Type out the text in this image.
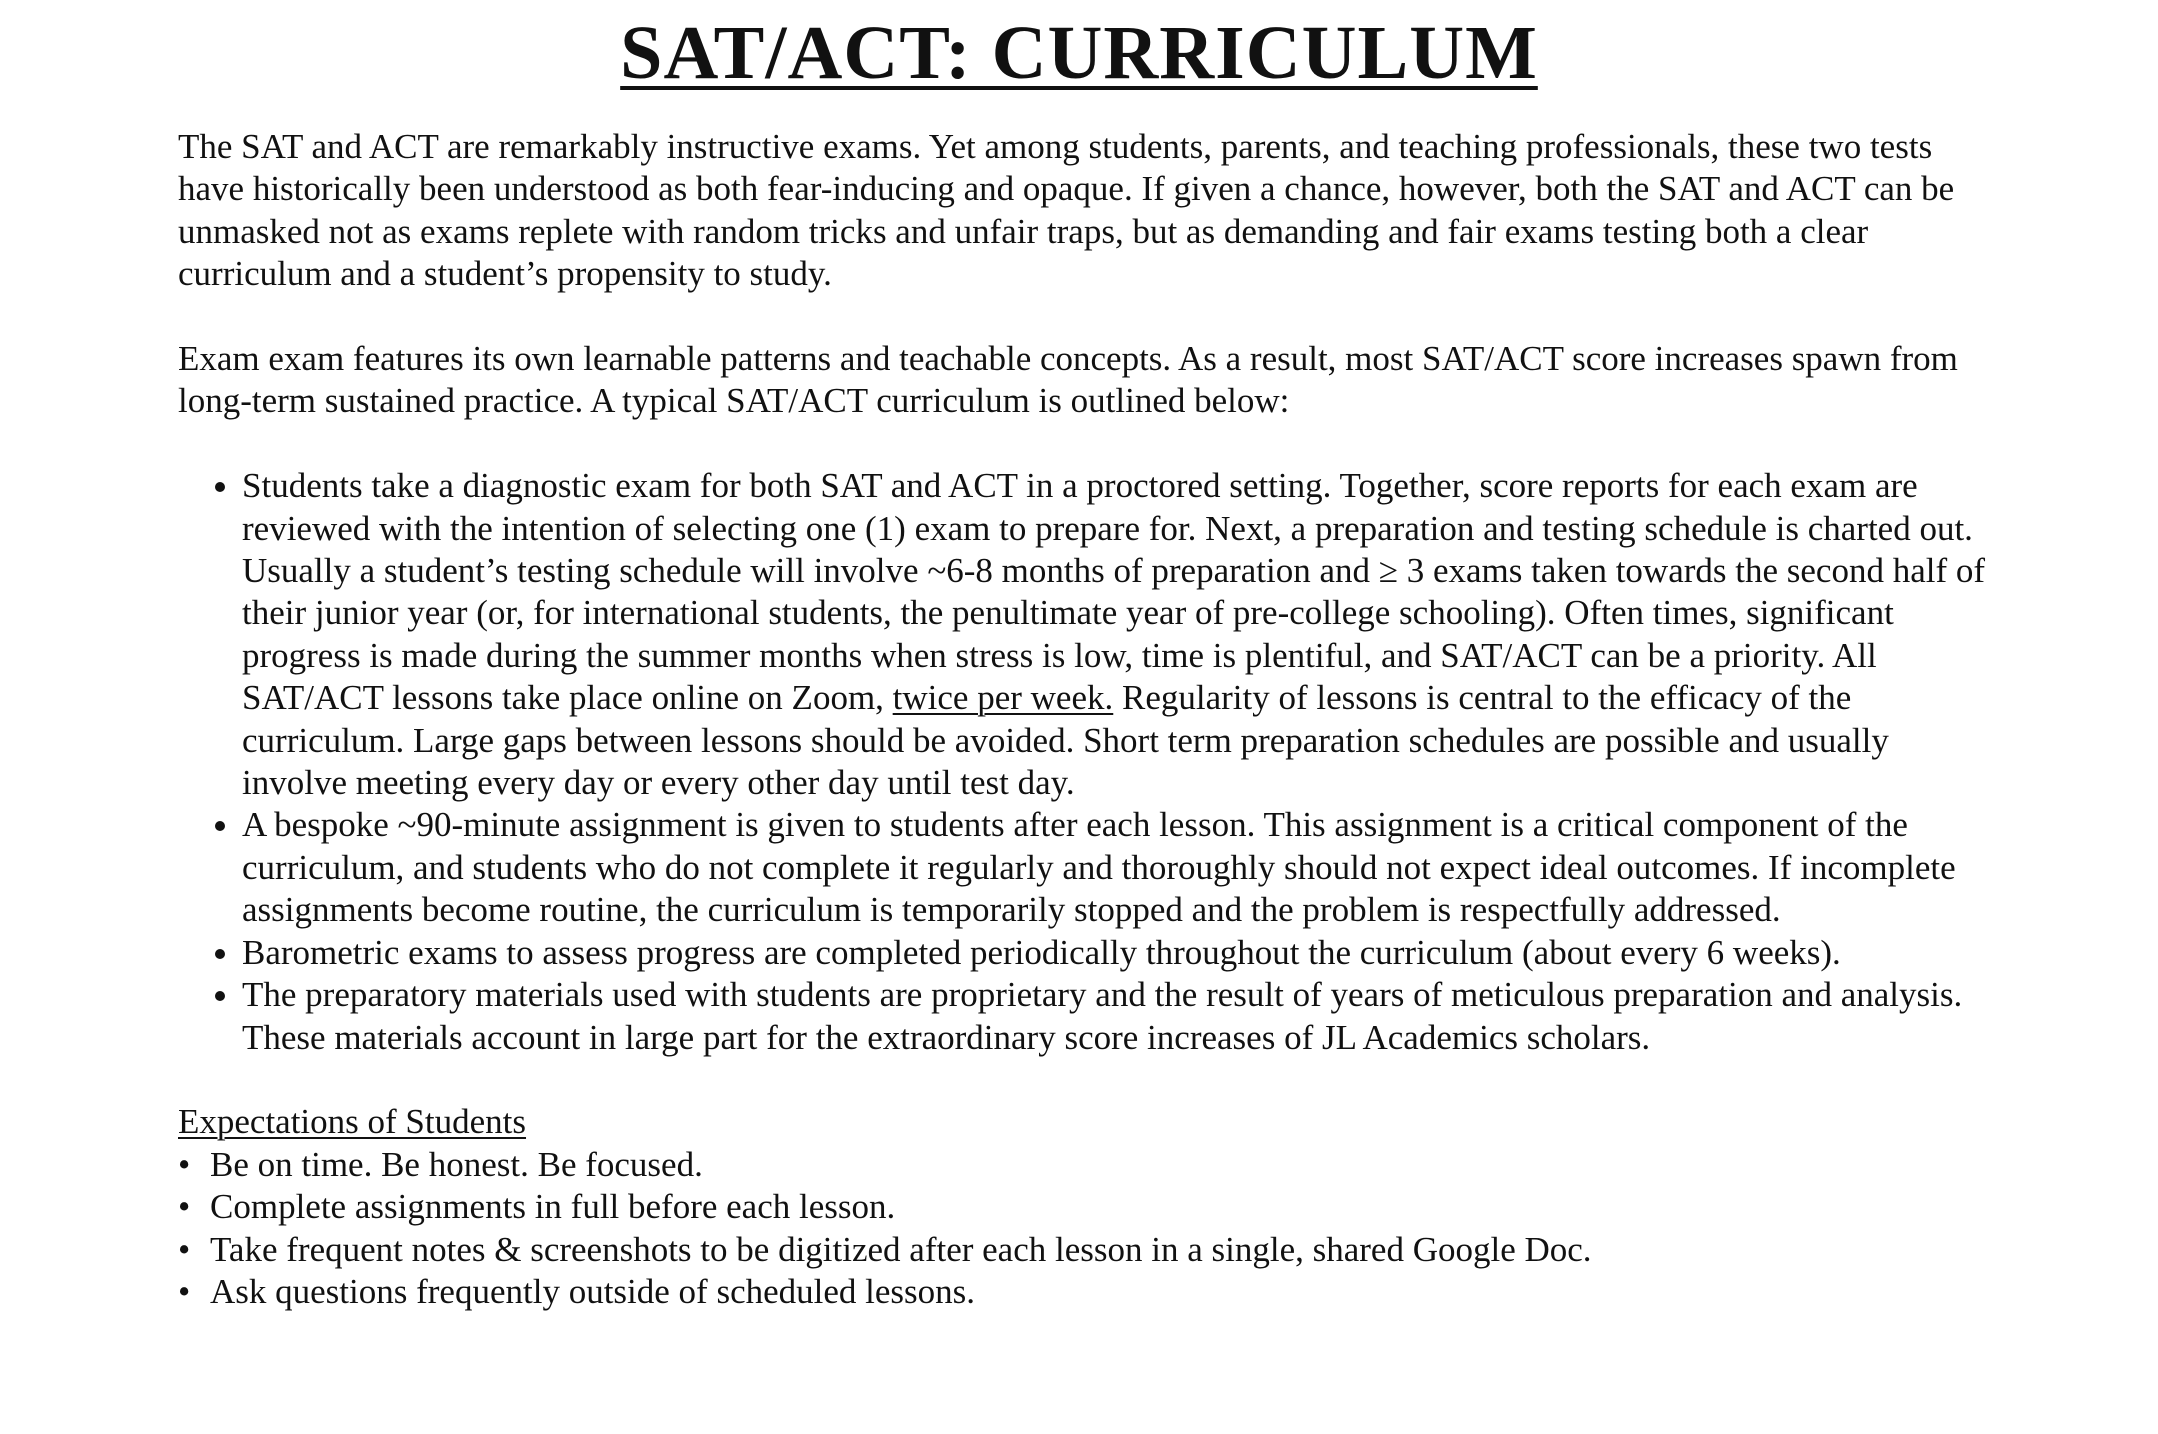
SAT/ACT: CURRICULUM

The SAT and ACT are remarkably instructive exams. Yet among students, parents, and teaching professionals, these two tests have historically been understood as both fear-inducing and opaque. If given a chance, however, both the SAT and ACT can be unmasked not as exams replete with random tricks and unfair traps, but as demanding and fair exams testing both a clear curriculum and a student’s propensity to study.

Exam exam features its own learnable patterns and teachable concepts. As a result, most SAT/ACT score increases spawn from long-term sustained practice. A typical SAT/ACT curriculum is outlined below:

• Students take a diagnostic exam for both SAT and ACT in a proctored setting. Together, score reports for each exam are reviewed with the intention of selecting one (1) exam to prepare for. Next, a preparation and testing schedule is charted out. Usually a student’s testing schedule will involve ~6-8 months of preparation and ≥ 3 exams taken towards the second half of their junior year (or, for international students, the penultimate year of pre-college schooling). Often times, significant progress is made during the summer months when stress is low, time is plentiful, and SAT/ACT can be a priority. All SAT/ACT lessons take place online on Zoom, twice per week. Regularity of lessons is central to the efficacy of the curriculum. Large gaps between lessons should be avoided. Short term preparation schedules are possible and usually involve meeting every day or every other day until test day.
• A bespoke ~90-minute assignment is given to students after each lesson. This assignment is a critical component of the curriculum, and students who do not complete it regularly and thoroughly should not expect ideal outcomes. If incomplete assignments become routine, the curriculum is temporarily stopped and the problem is respectfully addressed.
• Barometric exams to assess progress are completed periodically throughout the curriculum (about every 6 weeks).
• The preparatory materials used with students are proprietary and the result of years of meticulous preparation and analysis. These materials account in large part for the extraordinary score increases of JL Academics scholars.

Expectations of Students

• Be on time. Be honest. Be focused.
• Complete assignments in full before each lesson.
• Take frequent notes & screenshots to be digitized after each lesson in a single, shared Google Doc.
• Ask questions frequently outside of scheduled lessons.
